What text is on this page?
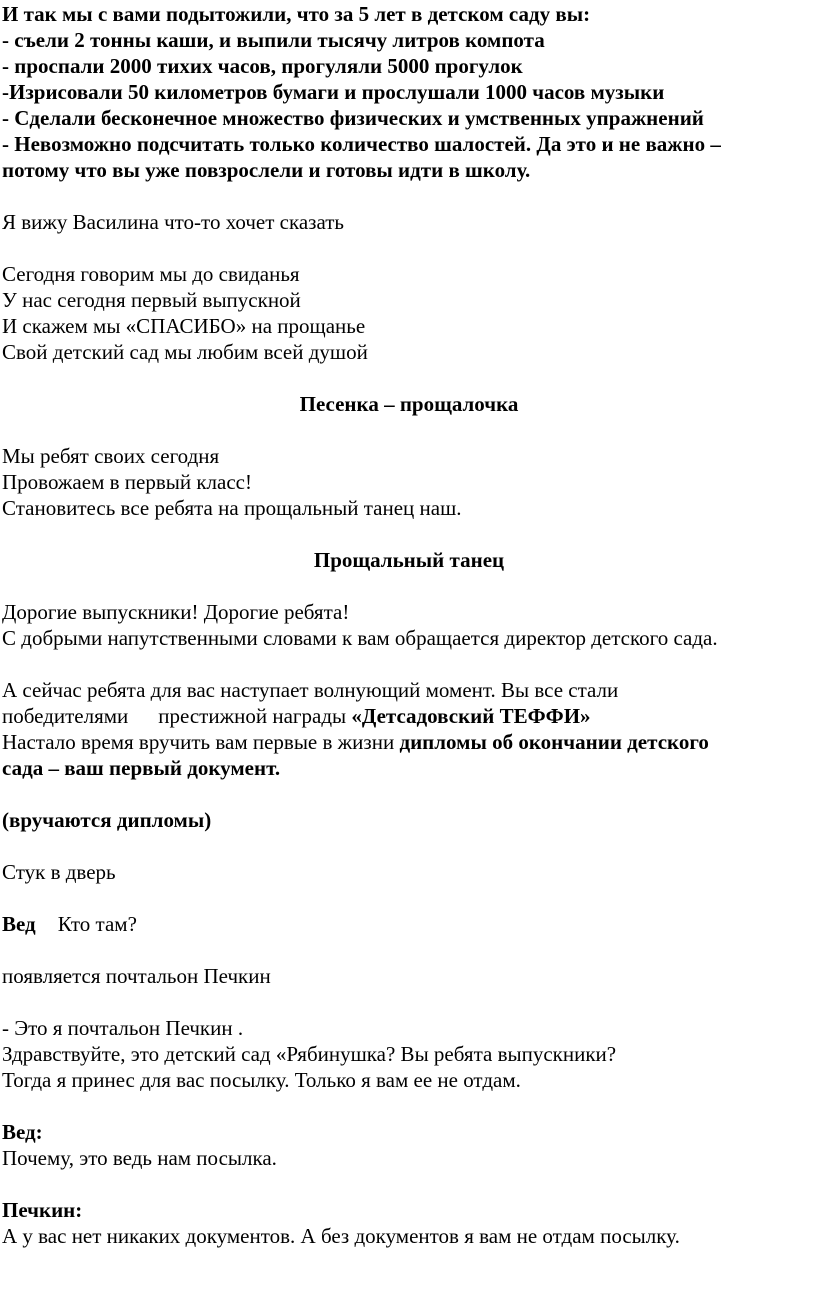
И так мы с вами подытожили, что за 5 лет в детском саду вы:
- съели 2 тонны каши, и выпили тысячу литров компота
- проспали 2000 тихих часов, прогуляли 5000 прогулок
-Изрисовали 50 километров бумаги и прослушали 1000 часов музыки
- Сделали бесконечное множество физических и умственных упражнений
- Невозможно подсчитать только количество шалостей. Да это и не важно –
потому что вы уже повзрослели и готовы идти в школу.
Я вижу Василина что-то хочет сказать
Сегодня говорим мы до свиданья
У нас сегодня первый выпускной
И скажем мы «СПАСИБО» на прощанье
Свой детский сад мы любим всей душой
Песенка – прощалочка
Мы ребят своих сегодня
Провожаем в первый класс!
Становитесь все ребята на прощальный танец наш.
Прощальный танец
Дорогие выпускники! Дорогие ребята!
С добрыми напутственными словами к вам обращается директор детского сада.
А сейчас ребята для вас наступает волнующий момент. Вы все стали
победителями престижной награды «Детсадовский ТЕФФИ»
Настало время вручить вам первые в жизни дипломы об окончании детского
сада – ваш первый документ.
(вручаются дипломы)
Стук в дверь
Вед Кто там?
появляется почтальон Печкин
- Это я почтальон Печкин .
Здравствуйте, это детский сад «Рябинушка? Вы ребята выпускники?
Тогда я принес для вас посылку. Только я вам ее не отдам.
Вед:
Почему, это ведь нам посылка.
Печкин:
А у вас нет никаких документов. А без документов я вам не отдам посылку.
